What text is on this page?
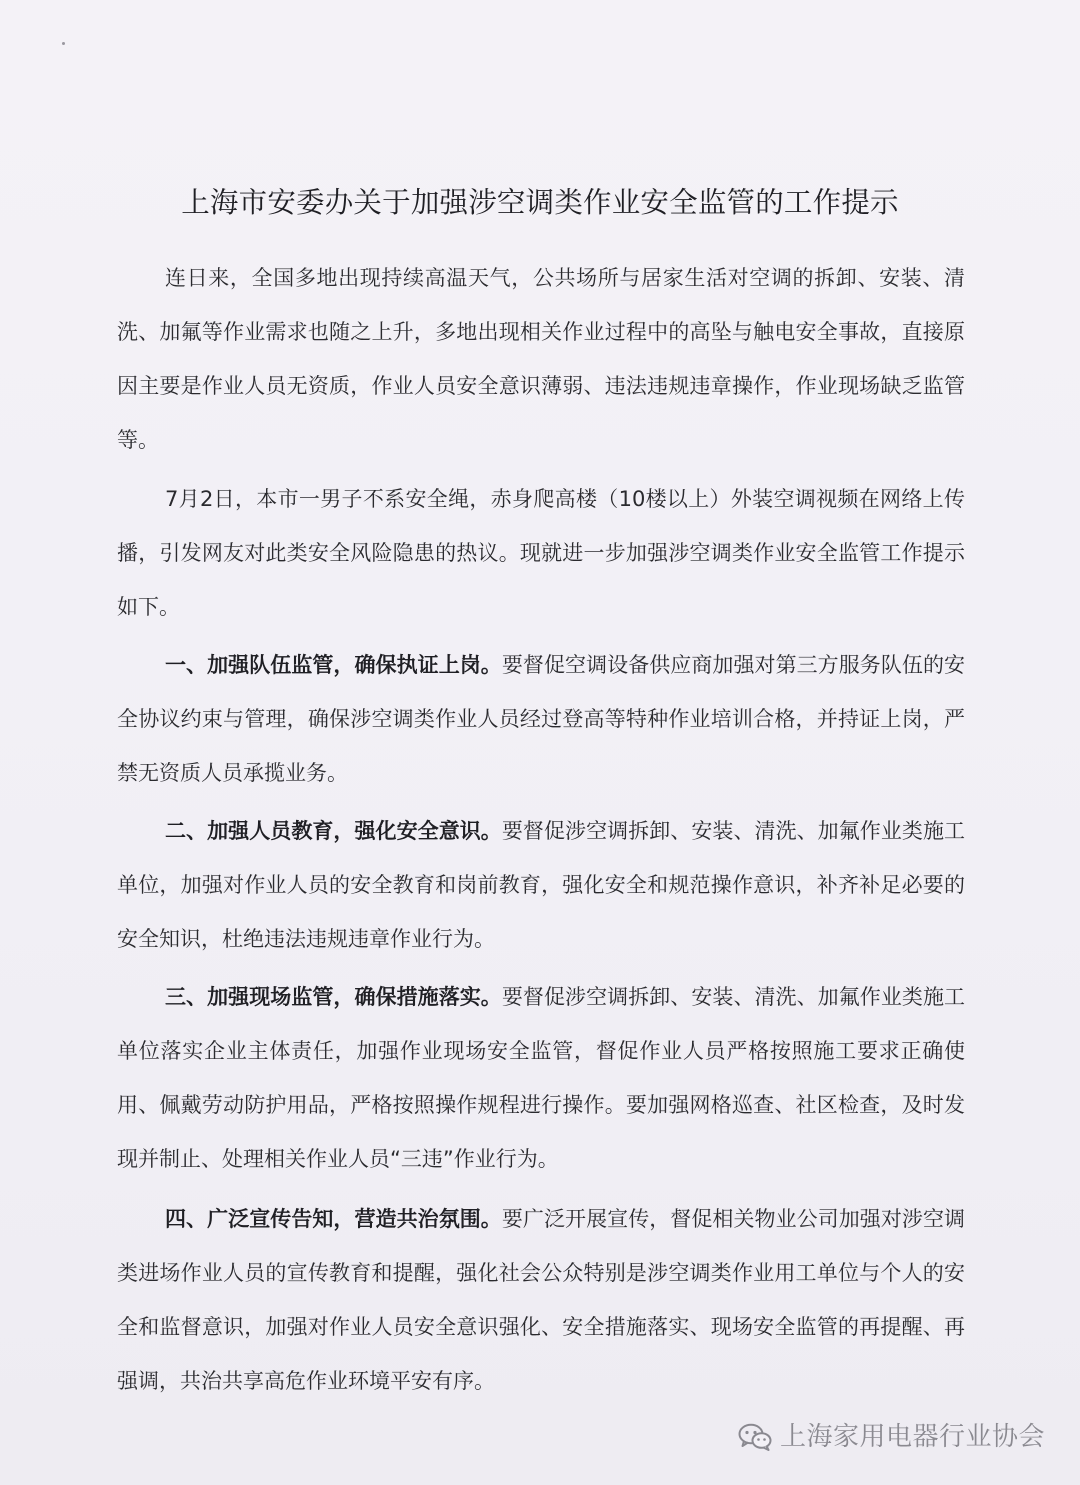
上海市安委办关于加强涉空调类作业安全监管的工作提示

连日来，全国多地出现持续高温天气，公共场所与居家生活对空调的拆卸、安装、清洗、加氟等作业需求也随之上升，多地出现相关作业过程中的高坠与触电安全事故，直接原因主要是作业人员无资质，作业人员安全意识薄弱、违法违规违章操作，作业现场缺乏监管等。

7月2日，本市一男子不系安全绳，赤身爬高楼（10楼以上）外装空调视频在网络上传播，引发网友对此类安全风险隐患的热议。现就进一步加强涉空调类作业安全监管工作提示如下。

一、加强队伍监管，确保执证上岗。要督促空调设备供应商加强对第三方服务队伍的安全协议约束与管理，确保涉空调类作业人员经过登高等特种作业培训合格，并持证上岗，严禁无资质人员承揽业务。

二、加强人员教育，强化安全意识。要督促涉空调拆卸、安装、清洗、加氟作业类施工单位，加强对作业人员的安全教育和岗前教育，强化安全和规范操作意识，补齐补足必要的安全知识，杜绝违法违规违章作业行为。

三、加强现场监管，确保措施落实。要督促涉空调拆卸、安装、清洗、加氟作业类施工单位落实企业主体责任，加强作业现场安全监管，督促作业人员严格按照施工要求正确使用、佩戴劳动防护用品，严格按照操作规程进行操作。要加强网格巡查、社区检查，及时发现并制止、处理相关作业人员“三违”作业行为。

四、广泛宣传告知，营造共治氛围。要广泛开展宣传，督促相关物业公司加强对涉空调类进场作业人员的宣传教育和提醒，强化社会公众特别是涉空调类作业用工单位与个人的安全和监督意识，加强对作业人员安全意识强化、安全措施落实、现场安全监管的再提醒、再强调，共治共享高危作业环境平安有序。

上海家用电器行业协会
